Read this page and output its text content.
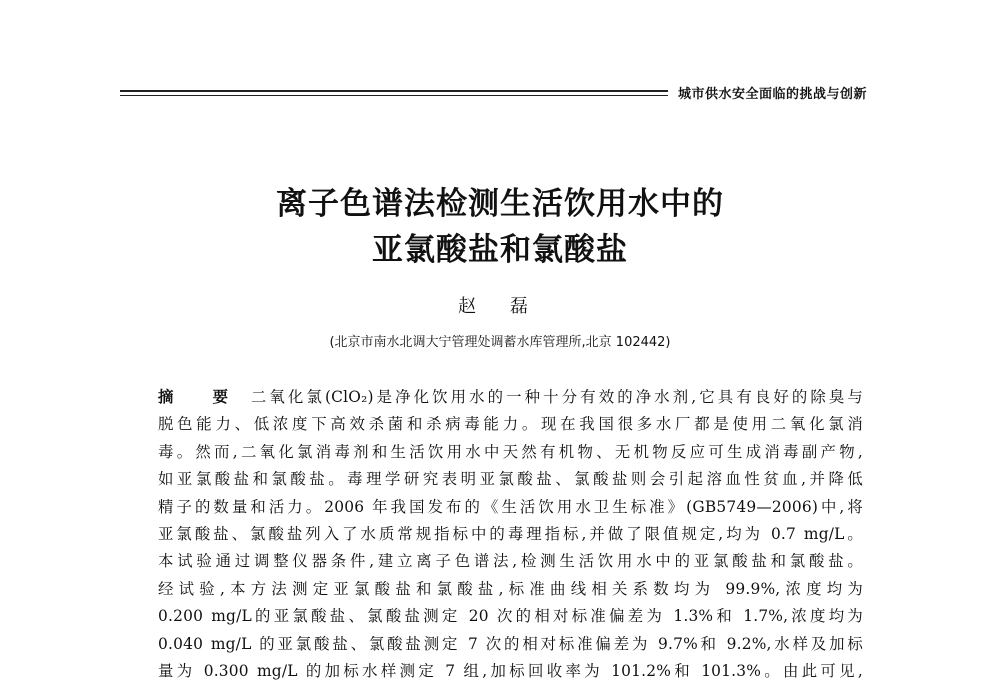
城市供水安全面临的挑战与创新
离子色谱法检测生活饮用水中的
亚氯酸盐和氯酸盐
赵 磊
(北京市南水北调大宁管理处调蓄水库管理所,北京 102442)
摘 要 二氧化氯(ClO₂)是净化饮用水的一种十分有效的净水剂,它具有良好的除臭与
脱色能力、低浓度下高效杀菌和杀病毒能力。现在我国很多水厂都是使用二氧化氯消
毒。然而,二氧化氯消毒剂和生活饮用水中天然有机物、无机物反应可生成消毒副产物,
如亚氯酸盐和氯酸盐。毒理学研究表明亚氯酸盐、氯酸盐则会引起溶血性贫血,并降低
精子的数量和活力。2006 年我国发布的《生活饮用水卫生标准》(GB5749—2006)中,将
亚氯酸盐、氯酸盐列入了水质常规指标中的毒理指标,并做了限值规定,均为 0.7 mg/L。
本试验通过调整仪器条件,建立离子色谱法,检测生活饮用水中的亚氯酸盐和氯酸盐。
经试验,本方法测定亚氯酸盐和氯酸盐,标准曲线相关系数均为 99.9%,浓度均为
0.200 mg/L的亚氯酸盐、氯酸盐测定 20 次的相对标准偏差为 1.3%和 1.7%,浓度均为
0.040 mg/L 的亚氯酸盐、氯酸盐测定 7 次的相对标准偏差为 9.7%和 9.2%,水样及加标
量为 0.300 mg/L 的加标水样测定 7 组,加标回收率为 101.2%和 101.3%。由此可见,
